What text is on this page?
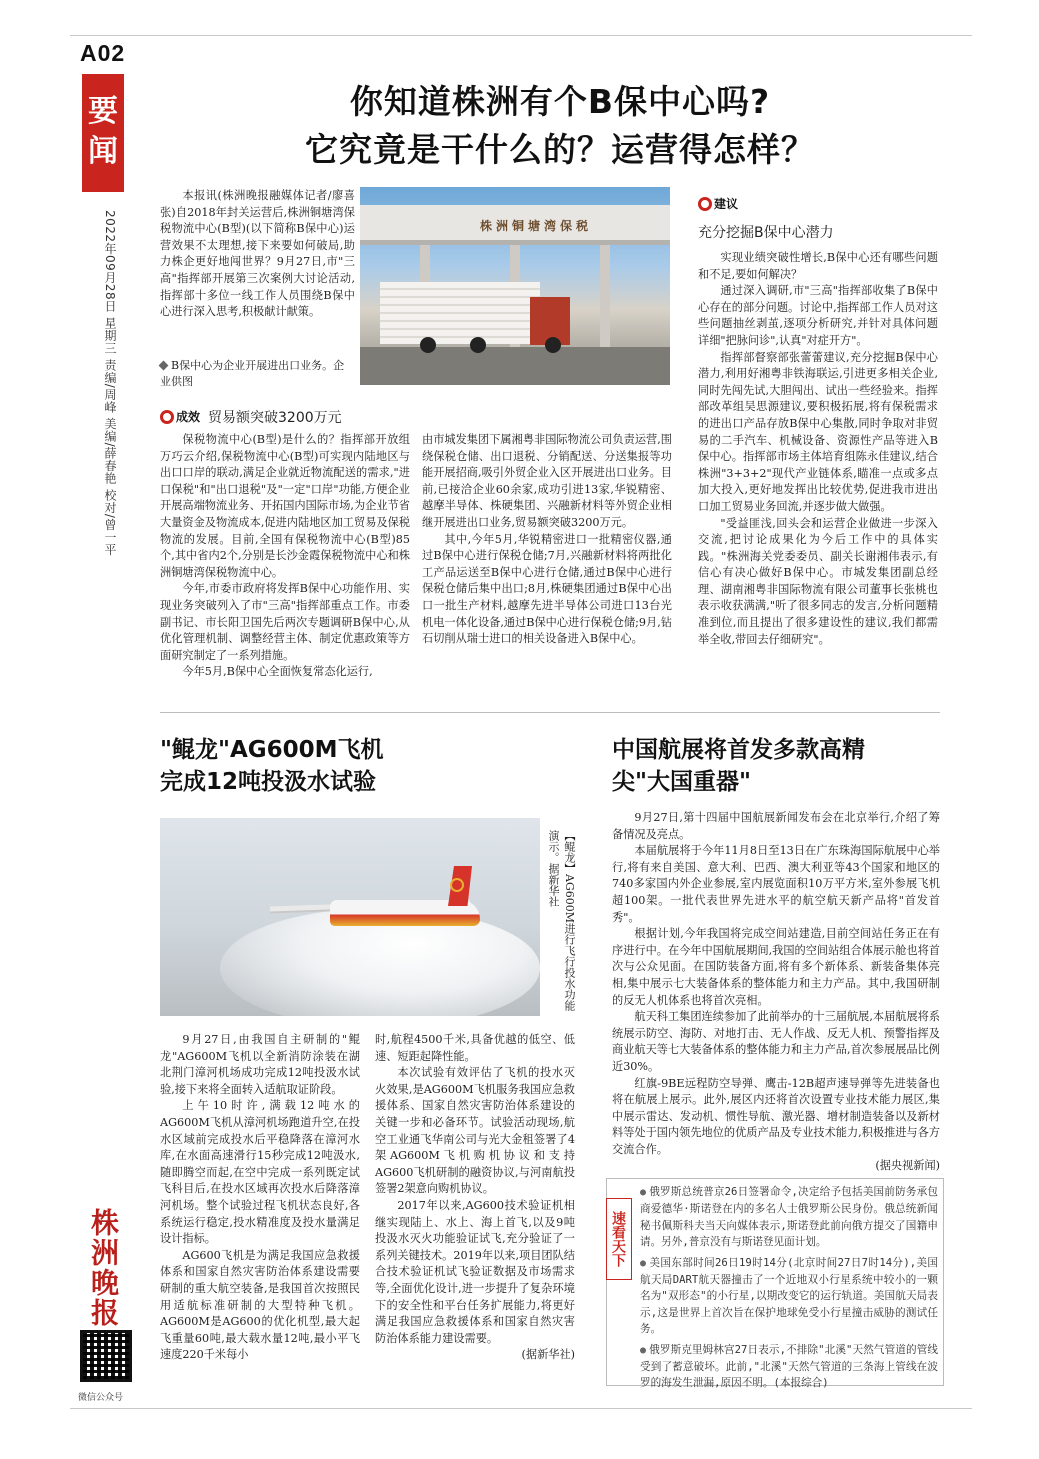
A02
要闻
2022年09月28日 星期三 责编/周峰 美编/薛春艳 校对/曾一平
你知道株洲有个B保中心吗?
它究竟是干什么的？运营得怎样？

本报讯(株洲晚报融媒体记者/廖喜张)自2018年封关运营后,株洲铜塘湾保税物流中心(B型)(以下简称B保中心)运营效果不太理想,接下来要如何破局,助力株企更好地闯世界？9月27日,市"三高"指挥部开展第三次案例大讨论活动,指挥部十多位一线工作人员围绕B保中心进行深入思考,积极献计献策。

株洲铜塘湾保税
B保中心为企业开展进出口业务。企业供图
成效 贸易额突破3200万元

保税物流中心(B型)是什么的？指挥部开放组万巧云介绍,保税物流中心(B型)可实现内陆地区与出口口岸的联动,满足企业就近物流配送的需求,"进口保税"和"出口退税"及"一定"口岸"功能,方便企业开展高端物流业务、开拓国内国际市场,为企业节省大量资金及物流成本,促进内陆地区加工贸易及保税物流的发展。目前,全国有保税物流中心(B型)85个,其中省内2个,分别是长沙金霞保税物流中心和株洲铜塘湾保税物流中心。

今年,市委市政府将发挥B保中心功能作用、实现业务突破列入了市"三高"指挥部重点工作。市委副书记、市长阳卫国先后两次专题调研B保中心,从优化管理机制、调整经营主体、制定优惠政策等方面研究制定了一系列措施。

今年5月,B保中心全面恢复常态化运行,

由市城发集团下属湘粤非国际物流公司负责运营,围绕保税仓储、出口退税、分销配送、分送集报等功能开展招商,吸引外贸企业入区开展进出口业务。目前,已接洽企业60余家,成功引进13家,华锐精密、越摩半导体、株硬集团、兴融新材料等外贸企业相继开展进出口业务,贸易额突破3200万元。

其中,今年5月,华锐精密进口一批精密仪器,通过B保中心进行保税仓储;7月,兴融新材料将两批化工产品运送至B保中心进行仓储,通过B保中心进行保税仓储后集中出口;8月,株硬集团通过B保中心出口一批生产材料,越摩先进半导体公司进口13台光机电一体化设备,通过B保中心进行保税仓储;9月,钻石切削从瑞士进口的相关设备进入B保中心。

建议
充分挖掘B保中心潜力

实现业绩突破性增长,B保中心还有哪些问题和不足,要如何解决？

通过深入调研,市"三高"指挥部收集了B保中心存在的部分问题。讨论中,指挥部工作人员对这些问题抽丝剥茧,逐项分析研究,并针对具体问题详细"把脉问诊",认真"对症开方"。

指挥部督察部张蕾蕾建议,充分挖掘B保中心潜力,利用好湘粤非铁海联运,引进更多相关企业,同时先闯先试,大胆闯出、试出一些经验来。指挥部改革组吴思源建议,要积极拓展,将有保税需求的进出口产品存放B保中心集散,同时争取对非贸易的二手汽车、机械设备、资源性产品等进入B保中心。指挥部市场主体培育组陈永佳建议,结合株洲"3+3+2"现代产业链体系,瞄准一点或多点加大投入,更好地发挥出比较优势,促进我市进出口加工贸易业务回流,并逐步做大做强。

"受益匪浅,回头会和运营企业做进一步深入交流,把讨论成果化为今后工作中的具体实践。"株洲海关党委委员、副关长谢湘伟表示,有信心有决心做好B保中心。市城发集团副总经理、湖南湘粤非国际物流有限公司董事长张桃也表示收获满满,"听了很多同志的发言,分析问题精准到位,而且提出了很多建设性的建议,我们都需举全收,带回去仔细研究"。

"鲲龙"AG600M飞机
完成12吨投汲水试验
中国航展将首发多款高精
尖"大国重器"
【鲲龙】AG600M进行飞行投水功能演示。据新华社

9月27日,由我国自主研制的"鲲龙"AG600M飞机以全新消防涂装在湖北荆门漳河机场成功完成12吨投汲水试验,接下来将全面转入适航取证阶段。

上午10时许,满载12吨水的AG600M飞机从漳河机场跑道升空,在投水区域前完成投水后平稳降落在漳河水库,在水面高速滑行15秒完成12吨汲水,随即腾空而起,在空中完成一系列既定试飞科目后,在投水区域再次投水后降落漳河机场。整个试验过程飞机状态良好,各系统运行稳定,投水精准度及投水量满足设计指标。

AG600飞机是为满足我国应急救援体系和国家自然灾害防治体系建设需要研制的重大航空装备,是我国首次按照民用适航标准研制的大型特种飞机。AG600M是AG600的优化机型,最大起飞重量60吨,最大载水量12吨,最小平飞速度220千米每小

时,航程4500千米,具备优越的低空、低速、短距起降性能。

本次试验有效评估了飞机的投水灭火效果,是AG600M飞机服务我国应急救援体系、国家自然灾害防治体系建设的关键一步和必备环节。试验活动现场,航空工业通飞华南公司与光大金租签署了4架AG600M飞机购机协议和支持AG600飞机研制的融资协议,与河南航投签署2架意向购机协议。

2017年以来,AG600技术验证机相继实现陆上、水上、海上首飞,以及9吨投汲水灭火功能验证试飞,充分验证了一系列关键技术。2019年以来,项目团队结合技术验证机试飞验证数据及市场需求等,全面优化设计,进一步提升了复杂环境下的安全性和平台任务扩展能力,将更好满足我国应急救援体系和国家自然灾害防治体系能力建设需要。

(据新华社)

9月27日,第十四届中国航展新闻发布会在北京举行,介绍了筹备情况及亮点。

本届航展将于今年11月8日至13日在广东珠海国际航展中心举行,将有来自美国、意大利、巴西、澳大利亚等43个国家和地区的740多家国内外企业参展,室内展览面积10万平方米,室外参展飞机超100架。一批代表世界先进水平的航空航天新产品将"首发首秀"。

根据计划,今年我国将完成空间站建造,目前空间站任务正在有序进行中。在今年中国航展期间,我国的空间站组合体展示舱也将首次与公众见面。在国防装备方面,将有多个新体系、新装备集体亮相,集中展示七大装备体系的整体能力和主力产品。其中,我国研制的反无人机体系也将首次亮相。

航天科工集团连续参加了此前举办的十三届航展,本届航展将系统展示防空、海防、对地打击、无人作战、反无人机、预警指挥及商业航天等七大装备体系的整体能力和主力产品,首次参展展品比例近30%。

红旗-9BE远程防空导弹、鹰击-12B超声速导弹等先进装备也将在航展上展示。此外,展区内还将首次设置专业技术能力展区,集中展示雷达、发动机、惯性导航、激光器、增材制造装备以及新材料等处于国内领先地位的优质产品及专业技术能力,积极推进与各方交流合作。

(据央视新闻)

速看天下

● 俄罗斯总统普京26日签署命令,决定给予包括美国前防务承包商爱德华·斯诺登在内的多名人士俄罗斯公民身份。俄总统新闻秘书佩斯科夫当天向媒体表示,斯诺登此前向俄方提交了国籍申请。另外,普京没有与斯诺登见面计划。

● 美国东部时间26日19时14分(北京时间27日7时14分),美国航天局DART航天器撞击了一个近地双小行星系统中较小的一颗名为"双形态"的小行星,以期改变它的运行轨道。美国航天局表示,这是世界上首次旨在保护地球免受小行星撞击威胁的测试任务。

● 俄罗斯克里姆林宫27日表示,不排除"北溪"天然气管道的管线受到了蓄意破坏。此前,"北溪"天然气管道的三条海上管线在波罗的海发生泄漏,原因不明。(本报综合)

株洲晚报
微信公众号
